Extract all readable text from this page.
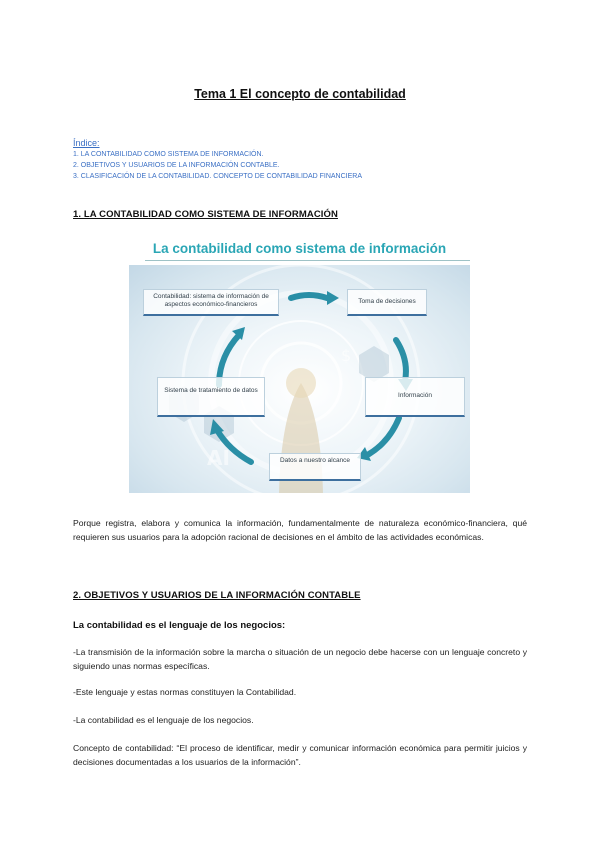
Tema 1 El concepto de contabilidad
Índice:
1. LA CONTABILIDAD COMO SISTEMA DE INFORMACIÓN.
2. OBJETIVOS Y USUARIOS DE LA INFORMACIÓN CONTABLE.
3. CLASIFICACIÓN DE LA CONTABILIDAD. CONCEPTO DE CONTABILIDAD FINANCIERA
1. LA CONTABILIDAD COMO SISTEMA DE INFORMACIÓN
La contabilidad como sistema de información
$
AI
Contabilidad: sistema de información de aspectos económico-financieros	Toma de decisiones
Información
Datos a nuestro alcance
Sistema de tratamiento de datos
Porque registra, elabora y comunica la información, fundamentalmente de naturaleza económico-financiera, qué requieren sus usuarios para la adopción racional de decisiones en el ámbito de las actividades económicas.
2. OBJETIVOS Y USUARIOS DE LA INFORMACIÓN CONTABLE
La contabilidad es el lenguaje de los negocios:
-La transmisión de la información sobre la marcha o situación de un negocio debe hacerse con un lenguaje concreto y siguiendo unas normas específicas.
-Este lenguaje y estas normas constituyen la Contabilidad.
-La contabilidad es el lenguaje de los negocios.
Concepto de contabilidad: “El proceso de identificar, medir y comunicar información económica para permitir juicios y decisiones documentadas a los usuarios de la información”.
